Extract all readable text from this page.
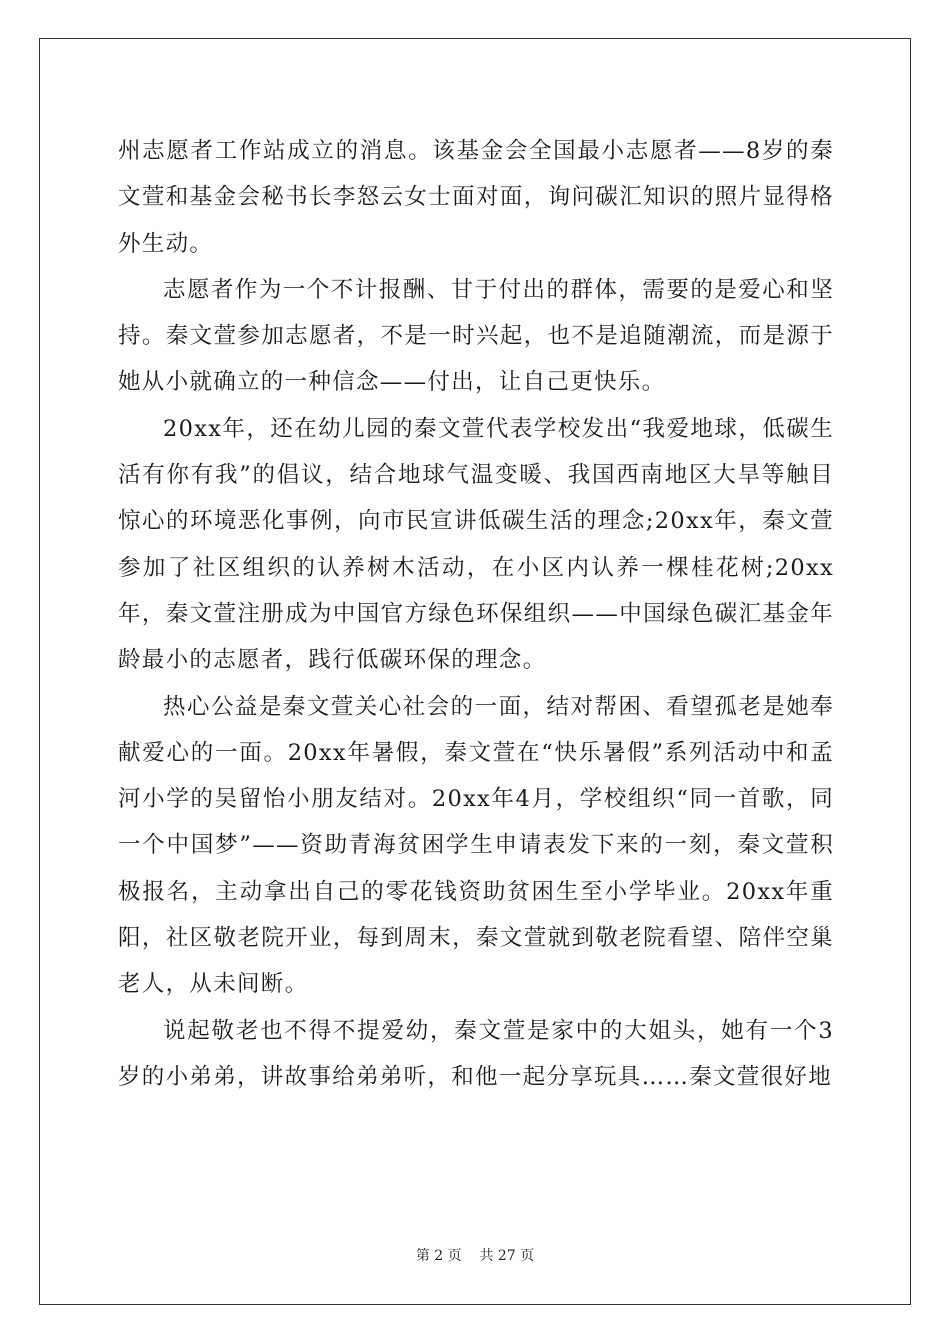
州志愿者工作站成立的消息。该基金会全国最小志愿者——8岁的秦文萱和基金会秘书长李怒云女士面对面，询问碳汇知识的照片显得格外生动。

志愿者作为一个不计报酬、甘于付出的群体，需要的是爱心和坚持。秦文萱参加志愿者，不是一时兴起，也不是追随潮流，而是源于她从小就确立的一种信念——付出，让自己更快乐。

20xx年，还在幼儿园的秦文萱代表学校发出“我爱地球，低碳生活有你有我”的倡议，结合地球气温变暖、我国西南地区大旱等触目惊心的环境恶化事例，向市民宣讲低碳生活的理念;20xx年，秦文萱参加了社区组织的认养树木活动，在小区内认养一棵桂花树;20xx年，秦文萱注册成为中国官方绿色环保组织——中国绿色碳汇基金年龄最小的志愿者，践行低碳环保的理念。

热心公益是秦文萱关心社会的一面，结对帮困、看望孤老是她奉献爱心的一面。20xx年暑假，秦文萱在“快乐暑假”系列活动中和孟河小学的吴留怡小朋友结对。20xx年4月，学校组织“同一首歌，同一个中国梦”——资助青海贫困学生申请表发下来的一刻，秦文萱积极报名，主动拿出自己的零花钱资助贫困生至小学毕业。20xx年重阳，社区敬老院开业，每到周末，秦文萱就到敬老院看望、陪伴空巢老人，从未间断。

说起敬老也不得不提爱幼，秦文萱是家中的大姐头，她有一个3岁的小弟弟，讲故事给弟弟听，和他一起分享玩具……秦文萱很好地

第 2 页 共 27 页
